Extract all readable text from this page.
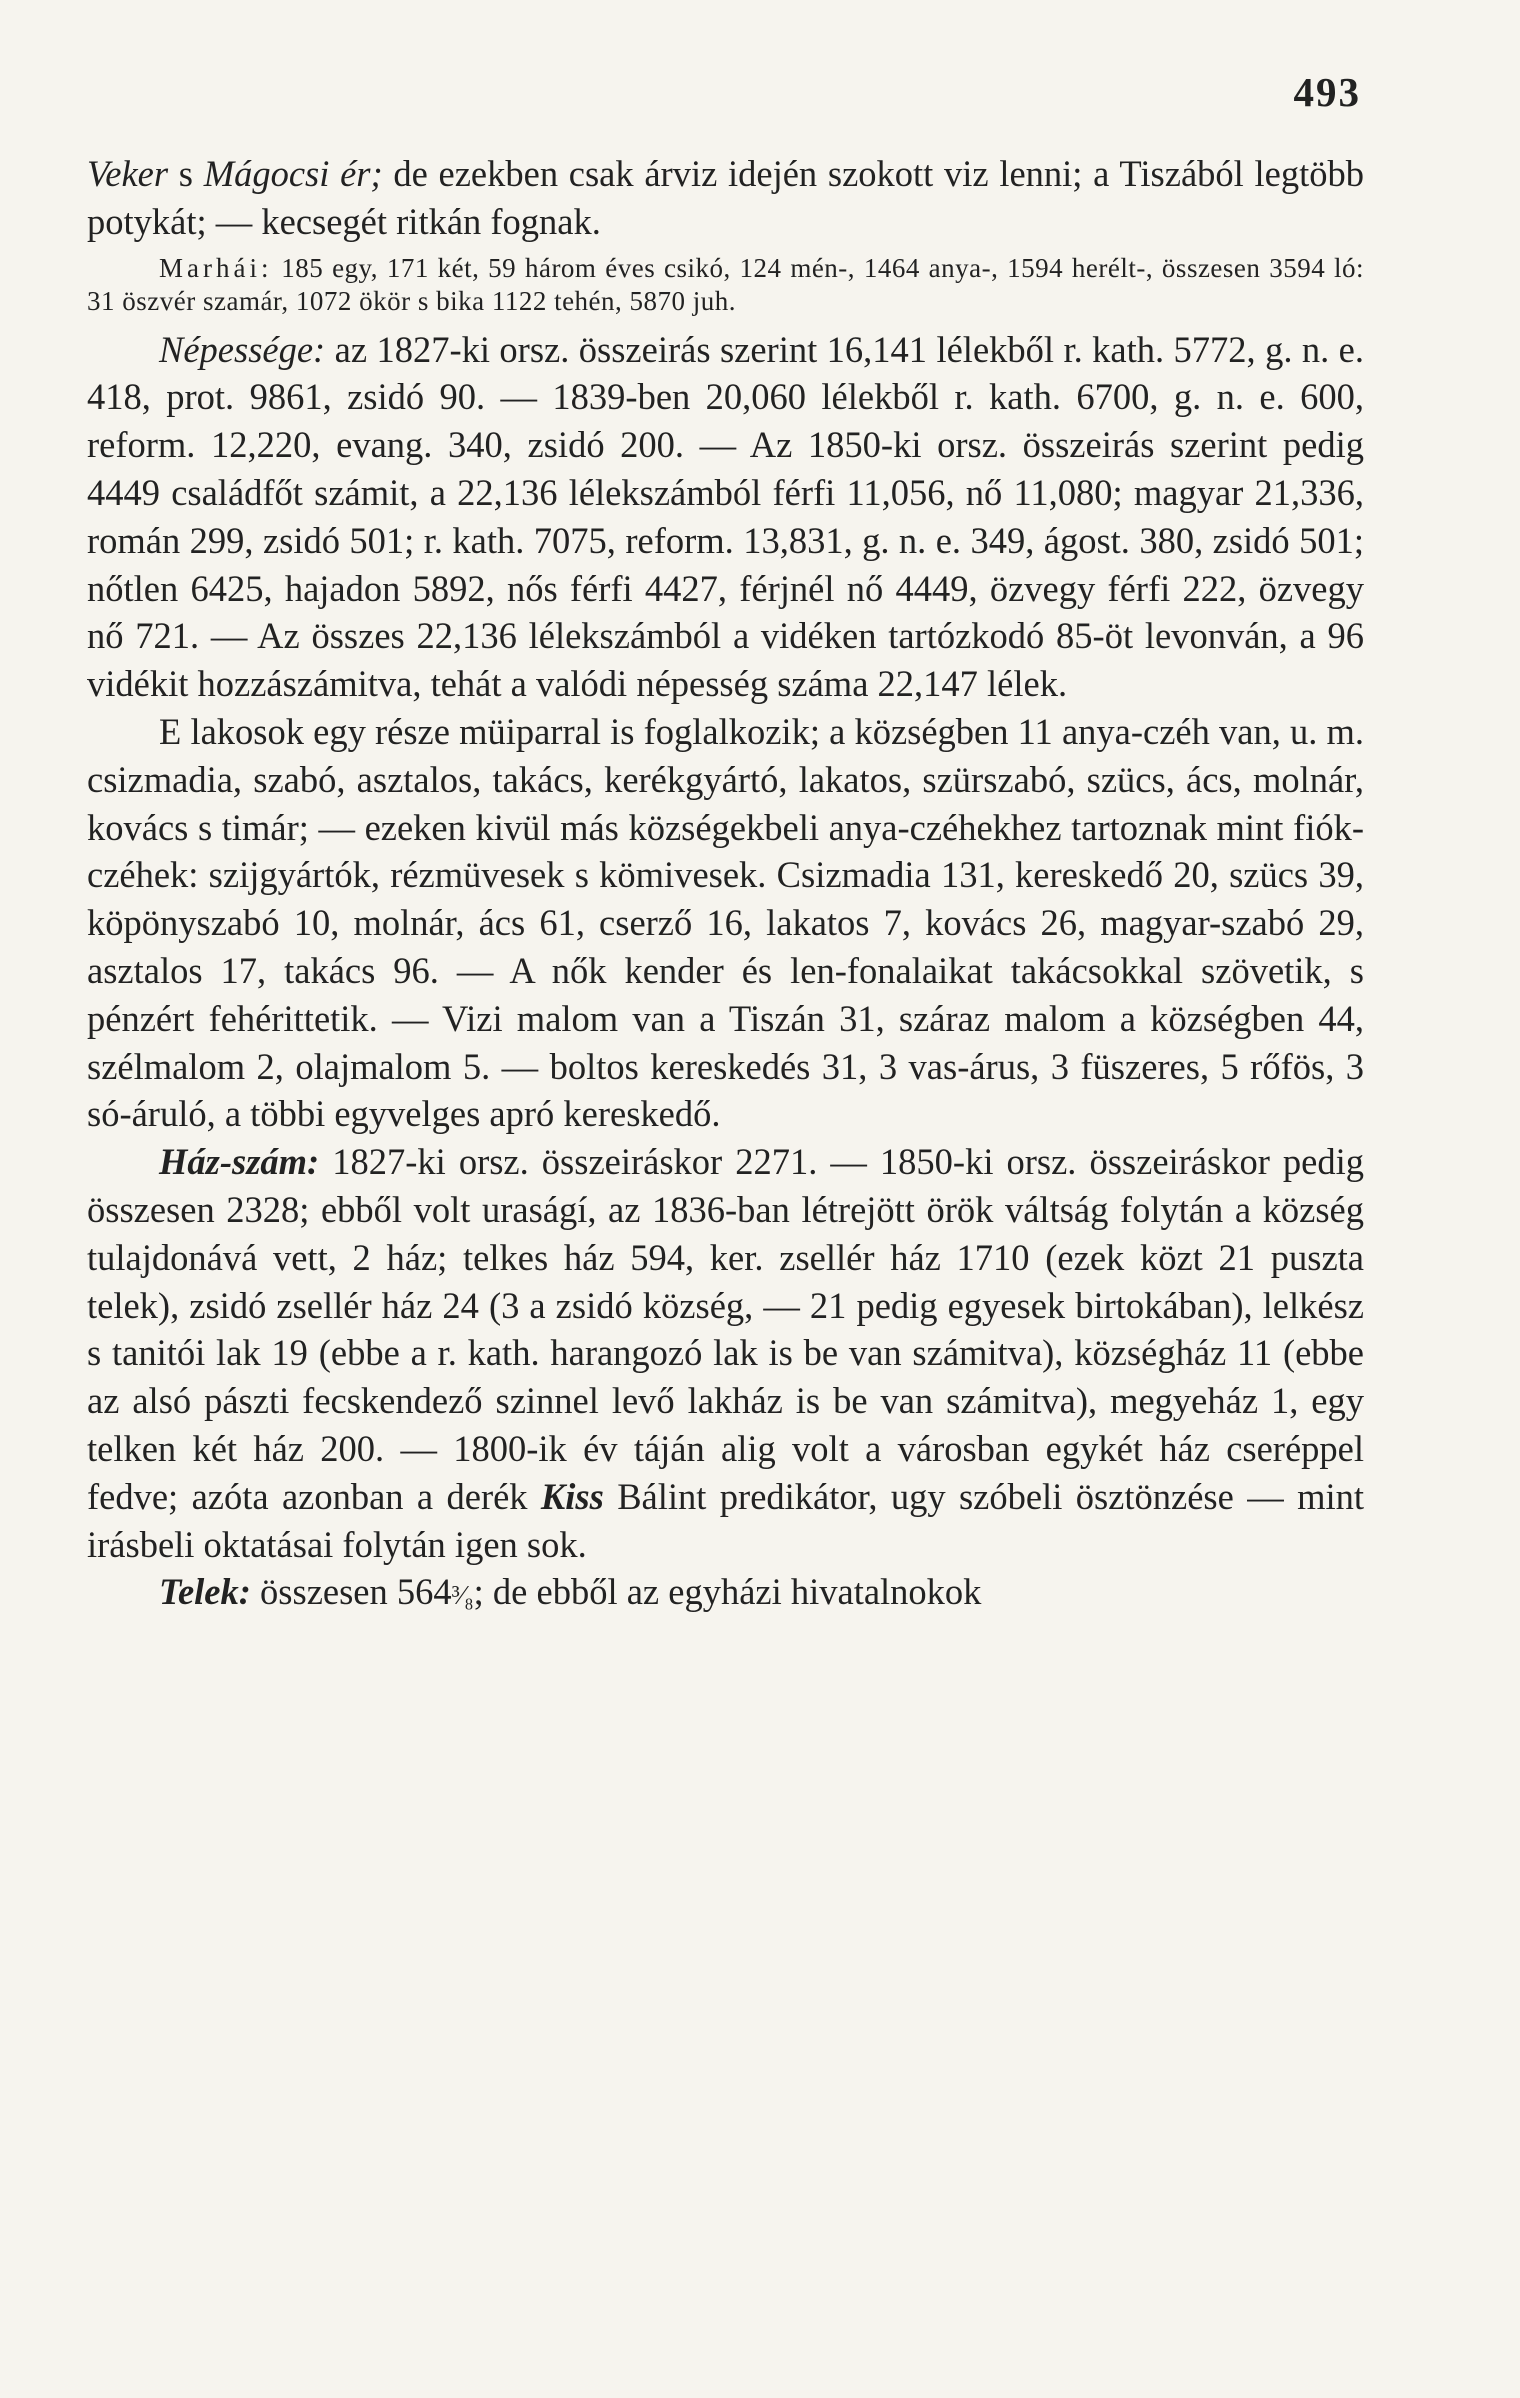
493

Veker s Mágocsi ér; de ezekben csak árviz idején szokott viz lenni; a Tiszából legtöbb potykát; — kecsegét ritkán fognak.

Marhái: 185 egy, 171 két, 59 három éves csikó, 124 mén-, 1464 anya-, 1594 herélt-, összesen 3594 ló: 31 öszvér szamár, 1072 ökör s bika 1122 tehén, 5870 juh.

Népessége: az 1827-ki orsz. összeirás szerint 16,141 lélekből r. kath. 5772, g. n. e. 418, prot. 9861, zsidó 90. — 1839-ben 20,060 lélekből r. kath. 6700, g. n. e. 600, reform. 12,220, evang. 340, zsidó 200. — Az 1850-ki orsz. összeirás szerint pedig 4449 családfőt számit, a 22,136 lélekszámból férfi 11,056, nő 11,080; magyar 21,336, román 299, zsidó 501; r. kath. 7075, reform. 13,831, g. n. e. 349, ágost. 380, zsidó 501; nőtlen 6425, hajadon 5892, nős férfi 4427, férjnél nő 4449, özvegy férfi 222, özvegy nő 721. — Az összes 22,136 lélekszámból a vidéken tartózkodó 85-öt levonván, a 96 vidékit hozzászámitva, tehát a valódi népesség száma 22,147 lélek.

E lakosok egy része müiparral is foglalkozik; a községben 11 anya-czéh van, u. m. csizmadia, szabó, asztalos, takács, kerékgyártó, lakatos, szürszabó, szücs, ács, molnár, kovács s timár; — ezeken kivül más községekbeli anya-czéhekhez tartoznak mint fiók-czéhek: szijgyártók, rézmüvesek s kömivesek. Csizmadia 131, kereskedő 20, szücs 39, köpönyszabó 10, molnár, ács 61, cserző 16, lakatos 7, kovács 26, magyar-szabó 29, asztalos 17, takács 96. — A nők kender és len-fonalaikat takácsokkal szövetik, s pénzért fehérittetik. — Vizi malom van a Tiszán 31, száraz malom a községben 44, szélmalom 2, olajmalom 5. — boltos kereskedés 31, 3 vas-árus, 3 füszeres, 5 rőfös, 3 só-áruló, a többi egyvelges apró kereskedő.

Ház-szám: 1827-ki orsz. összeiráskor 2271. — 1850-ki orsz. összeiráskor pedig összesen 2328; ebből volt uraságí, az 1836-ban létrejött örök váltság folytán a község tulajdonává vett, 2 ház; telkes ház 594, ker. zsellér ház 1710 (ezek közt 21 puszta telek), zsidó zsellér ház 24 (3 a zsidó község, — 21 pedig egyesek birtokában), lelkész s tanitói lak 19 (ebbe a r. kath. harangozó lak is be van számitva), községház 11 (ebbe az alsó pászti fecskendező szinnel levő lakház is be van számitva), megyeház 1, egy telken két ház 200. — 1800-ik év táján alig volt a városban egykét ház cseréppel fedve; azóta azonban a derék Kiss Bálint predikátor, ugy szóbeli ösztönzése — mint irásbeli oktatásai folytán igen sok.

Telek: összesen 564³⁄₈; de ebből az egyházi hivatalnokok
